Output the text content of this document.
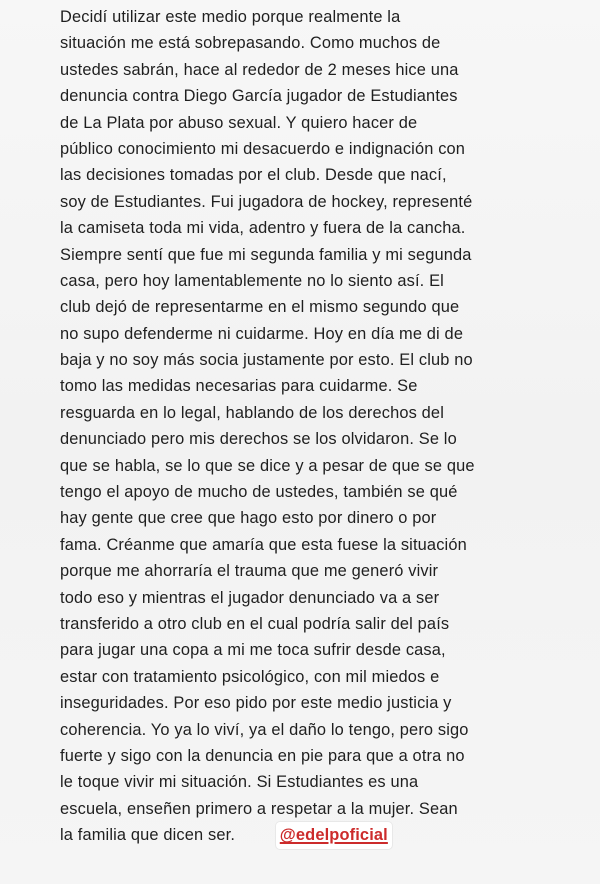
Decidí utilizar este medio porque realmente la
situación me está sobrepasando. Como muchos de
ustedes sabrán, hace al rededor de 2 meses hice una
denuncia contra Diego García jugador de Estudiantes
de La Plata por abuso sexual. Y quiero hacer de
público conocimiento mi desacuerdo e indignación con
las decisiones tomadas por el club. Desde que nací,
soy de Estudiantes. Fui jugadora de hockey, representé
la camiseta toda mi vida, adentro y fuera de la cancha.
Siempre sentí que fue mi segunda familia y mi segunda
casa, pero hoy lamentablemente no lo siento así. El
club dejó de representarme en el mismo segundo que
no supo defenderme ni cuidarme. Hoy en día me di de
baja y no soy más socia justamente por esto. El club no
tomo las medidas necesarias para cuidarme. Se
resguarda en lo legal, hablando de los derechos del
denunciado pero mis derechos se los olvidaron. Se lo
que se habla, se lo que se dice y a pesar de que se que
tengo el apoyo de mucho de ustedes, también se qué
hay gente que cree que hago esto por dinero o por
fama. Créanme que amaría que esta fuese la situación
porque me ahorraría el trauma que me generó vivir
todo eso y mientras el jugador denunciado va a ser
transferido a otro club en el cual podría salir del país
para jugar una copa a mi me toca sufrir desde casa,
estar con tratamiento psicológico, con mil miedos e
inseguridades. Por eso pido por este medio justicia y
coherencia. Yo ya lo viví, ya el daño lo tengo, pero sigo
fuerte y sigo con la denuncia en pie para que a otra no
le toque vivir mi situación. Si Estudiantes es una
escuela, enseñen primero a respetar a la mujer. Sean
la familia que dicen ser.	@edelpoficial
